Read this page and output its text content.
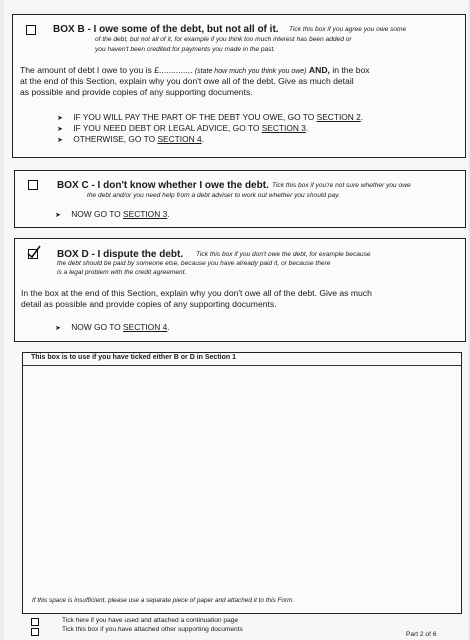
BOX B - I owe some of the debt, but not all of it. Tick this box if you agree you owe some
of the debt, but not all of it, for example if you think too much interest has been added or
you haven't been credited for payments you made in the past.
The amount of debt I owe to you is £.............. (state how much you think you owe) AND, in the box
at the end of this Section, explain why you don't owe all of the debt. Give as much detail
as possible and provide copies of any supporting documents.
➤ IF YOU WILL PAY THE PART OF THE DEBT YOU OWE, GO TO SECTION 2.
➤ IF YOU NEED DEBT OR LEGAL ADVICE, GO TO SECTION 3.
➤ OTHERWISE, GO TO SECTION 4.
BOX C - I don't know whether I owe the debt. Tick this box if you're not sure whether you owe
the debt and/or you need help from a debt adviser to work out whether you should pay.
➤ NOW GO TO SECTION 3.
BOX D - I dispute the debt. Tick this box if you don't owe the debt, for example because
the debt should be paid by someone else, because you have already paid it, or because there
is a legal problem with the credit agreement.
In the box at the end of this Section, explain why you don't owe all of the debt. Give as much
detail as possible and provide copies of any supporting documents.
➤ NOW GO TO SECTION 4.
This box is to use if you have ticked either B or D in Section 1
If this space is insufficient, please use a separate piece of paper and attached it to this Form.
Tick here if you have used and attached a continuation page
Tick this box if you have attached other supporting documents
Part 2 of 6
